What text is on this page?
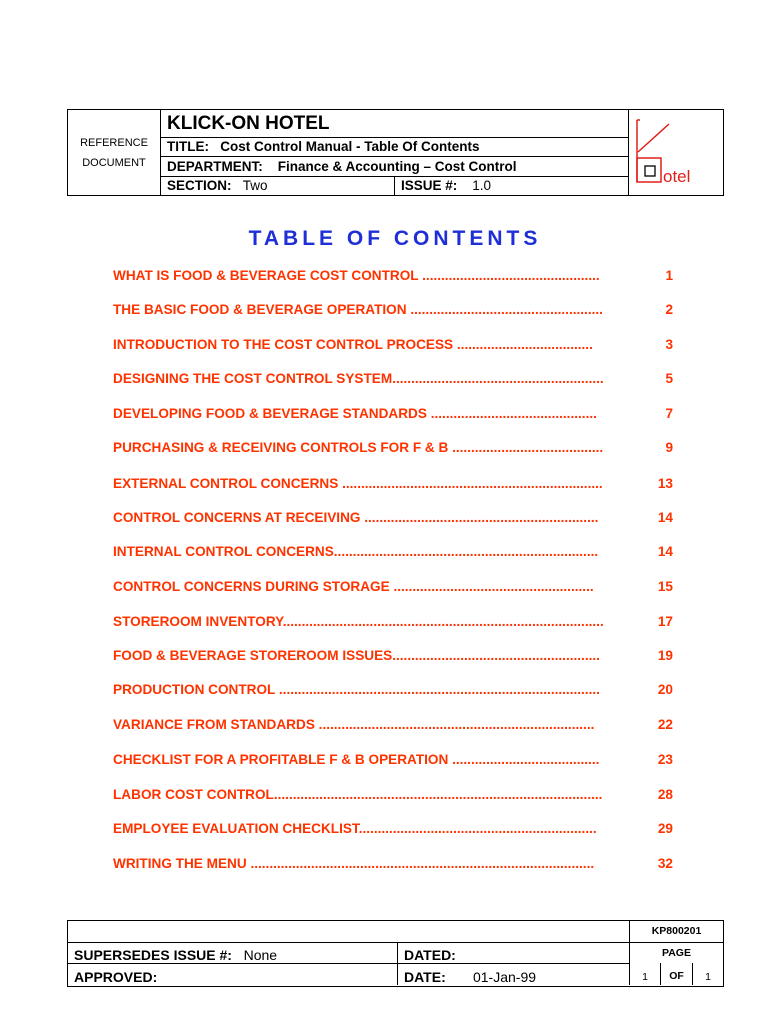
REFERENCE
DOCUMENT
KLICK-ON HOTEL
TITLE: Cost Control Manual - Table Of Contents
DEPARTMENT: Finance & Accounting – Cost Control
SECTION: Two	ISSUE #: 1.0	otel
TABLE OF CONTENTS
WHAT IS FOOD & BEVERAGE COST CONTROL ...............................................	1
THE BASIC FOOD & BEVERAGE OPERATION ...................................................	2
INTRODUCTION TO THE COST CONTROL PROCESS ....................................	3
DESIGNING THE COST CONTROL SYSTEM........................................................	5
DEVELOPING FOOD & BEVERAGE STANDARDS ............................................	7
PURCHASING & RECEIVING CONTROLS FOR F & B ........................................	9
EXTERNAL CONTROL CONCERNS .....................................................................	13
CONTROL CONCERNS AT RECEIVING ..............................................................	14
INTERNAL CONTROL CONCERNS......................................................................	14
CONTROL CONCERNS DURING STORAGE .....................................................	15
STOREROOM INVENTORY.....................................................................................	17
FOOD & BEVERAGE STOREROOM ISSUES.......................................................	19
PRODUCTION CONTROL .....................................................................................	20
VARIANCE FROM STANDARDS .........................................................................	22
CHECKLIST FOR A PROFITABLE F & B OPERATION .......................................	23
LABOR COST CONTROL.......................................................................................	28
EMPLOYEE EVALUATION CHECKLIST...............................................................	29
WRITING THE MENU ...........................................................................................	32
KP800201
PAGE
SUPERSEDES ISSUE #: None	DATED:
APPROVED:	DATE: 01-Jan-99	1	OF	1
